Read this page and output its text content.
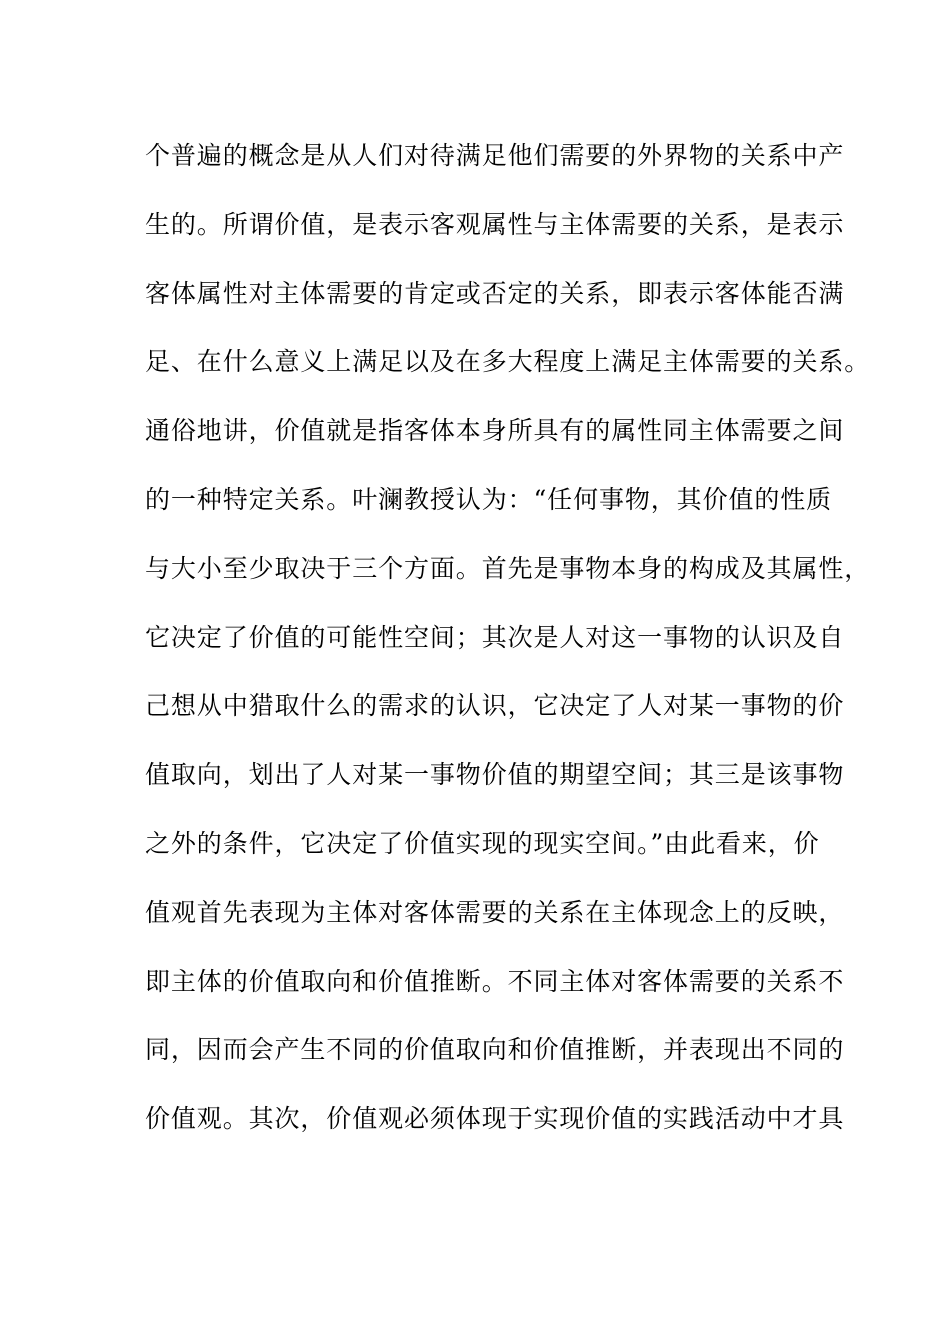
个普遍的概念是从人们对待满足他们需要的外界物的关系中产
生的。所谓价值，是表示客观属性与主体需要的关系，是表示
客体属性对主体需要的肯定或否定的关系，即表示客体能否满
足、在什么意义上满足以及在多大程度上满足主体需要的关系。
通俗地讲，价值就是指客体本身所具有的属性同主体需要之间
的一种特定关系。叶澜教授认为：“任何事物，其价值的性质
与大小至少取决于三个方面。首先是事物本身的构成及其属性，
它决定了价值的可能性空间；其次是人对这一事物的认识及自
己想从中猎取什么的需求的认识，它决定了人对某一事物的价
值取向，划出了人对某一事物价值的期望空间；其三是该事物
之外的条件，它决定了价值实现的现实空间。”由此看来，价
值观首先表现为主体对客体需要的关系在主体现念上的反映，
即主体的价值取向和价值推断。不同主体对客体需要的关系不
同，因而会产生不同的价值取向和价值推断，并表现出不同的
价值观。其次，价值观必须体现于实现价值的实践活动中才具
